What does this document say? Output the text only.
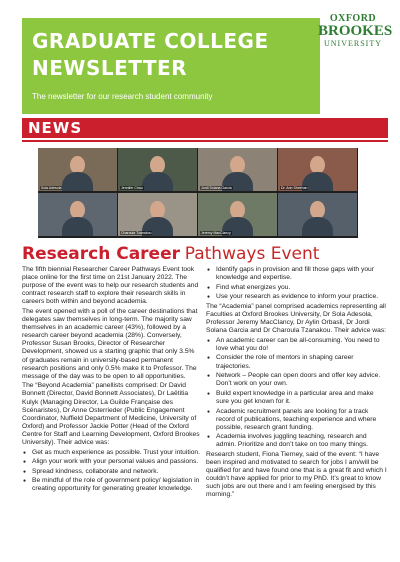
GRADUATE COLLEGE
NEWSLETTER
The newsletter for our research student community
OXFORD
BROOKES
UNIVERSITY
NEWS
Sola Adesola	Jennifer Chau	Jordi Solana Garcia	Dr. Ann Sheehan
Charoula Tzanakou	Jeremy MacClancy
Research Career Pathways Event

The fifth biennial Researcher Career Pathways Event took place online for the first time on 21st January 2022. The purpose of the event was to help our research students and contract research staff to explore their research skills in careers both within and beyond academia.

The event opened with a poll of the career destinations that delegates saw themselves in long-term. The majority saw themselves in an academic career (43%), followed by a research career beyond academia (28%). Conversely, Professor Susan Brooks, Director of Researcher Development, showed us a starting graphic that only 3.5% of graduates remain in university-based permanent research positions and only 0.5% make it to Professor. The message of the day was to be open to all opportunities.

The “Beyond Academia” panellists comprised: Dr David Bonnett (Director, David Bonnett Associates), Dr Laëtitia Kulyk (Managing Director, La Guilde Française des Scénaristes), Dr Anne Osterrieder (Public Engagement Coordinator, Nuffield Department of Medicine, University of Oxford) and Professor Jackie Potter (Head of the Oxford Centre for Staff and Learning Development, Oxford Brookes University). Their advice was:

● Get as much experience as possible. Trust your intuition.
● Align your work with your personal values and passions.
● Spread kindness, collaborate and network.
● Be mindful of the role of government policy/ legislation in creating opportunity for generating greater knowledge.
● Identify gaps in provision and fill those gaps with your knowledge and expertise.
● Find what energizes you.
● Use your research as evidence to inform your practice.

The “Academia” panel comprised academics representing all Faculties at Oxford Brookes University, Dr Sola Adesola, Professor Jeremy MacClancy, Dr Aylin Orbasli, Dr Jordi Solana Garcia and Dr Charoula Tzanakou. Their advice was:

● An academic career can be all-consuming. You need to love what you do!
● Consider the role of mentors in shaping career trajectories.
● Network – People can open doors and offer key advice. Don’t work on your own.
● Build expert knowledge in a particular area and make sure you get known for it.
● Academic recruitment panels are looking for a track record of publications, teaching experience and where possible, research grant funding.
● Academia involves juggling teaching, research and admin. Prioritize and don’t take on too many things.

Research student, Fiona Tierney, said of the event: “I have been inspired and motivated to search for jobs I am/will be qualified for and have found one that is a great fit and which I couldn’t have applied for prior to my PhD. It’s great to know such jobs are out there and I am feeling energised by this morning.”
